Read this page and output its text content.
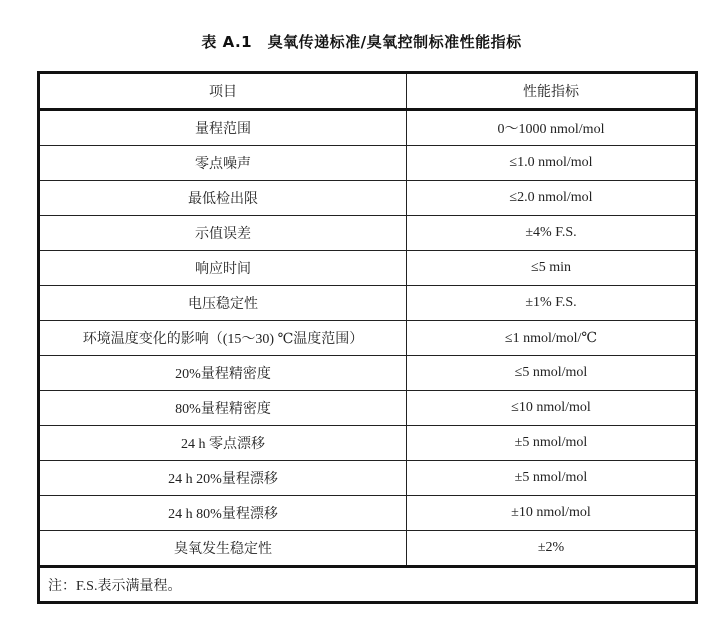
表 A.1　臭氧传递标准/臭氧控制标准性能指标
项目	性能指标
量程范围	0～1000 nmol/mol
零点噪声	≤1.0 nmol/mol
最低检出限	≤2.0 nmol/mol
示值误差	±4% F.S.
响应时间	≤5 min
电压稳定性	±1% F.S.
环境温度变化的影响（(15～30) ℃温度范围）	≤1 nmol/mol/℃
20%量程精密度	≤5 nmol/mol
80%量程精密度	≤10 nmol/mol
24 h 零点漂移	±5 nmol/mol
24 h 20%量程漂移	±5 nmol/mol
24 h 80%量程漂移	±10 nmol/mol
臭氧发生稳定性	±2%
注：F.S.表示满量程。	
